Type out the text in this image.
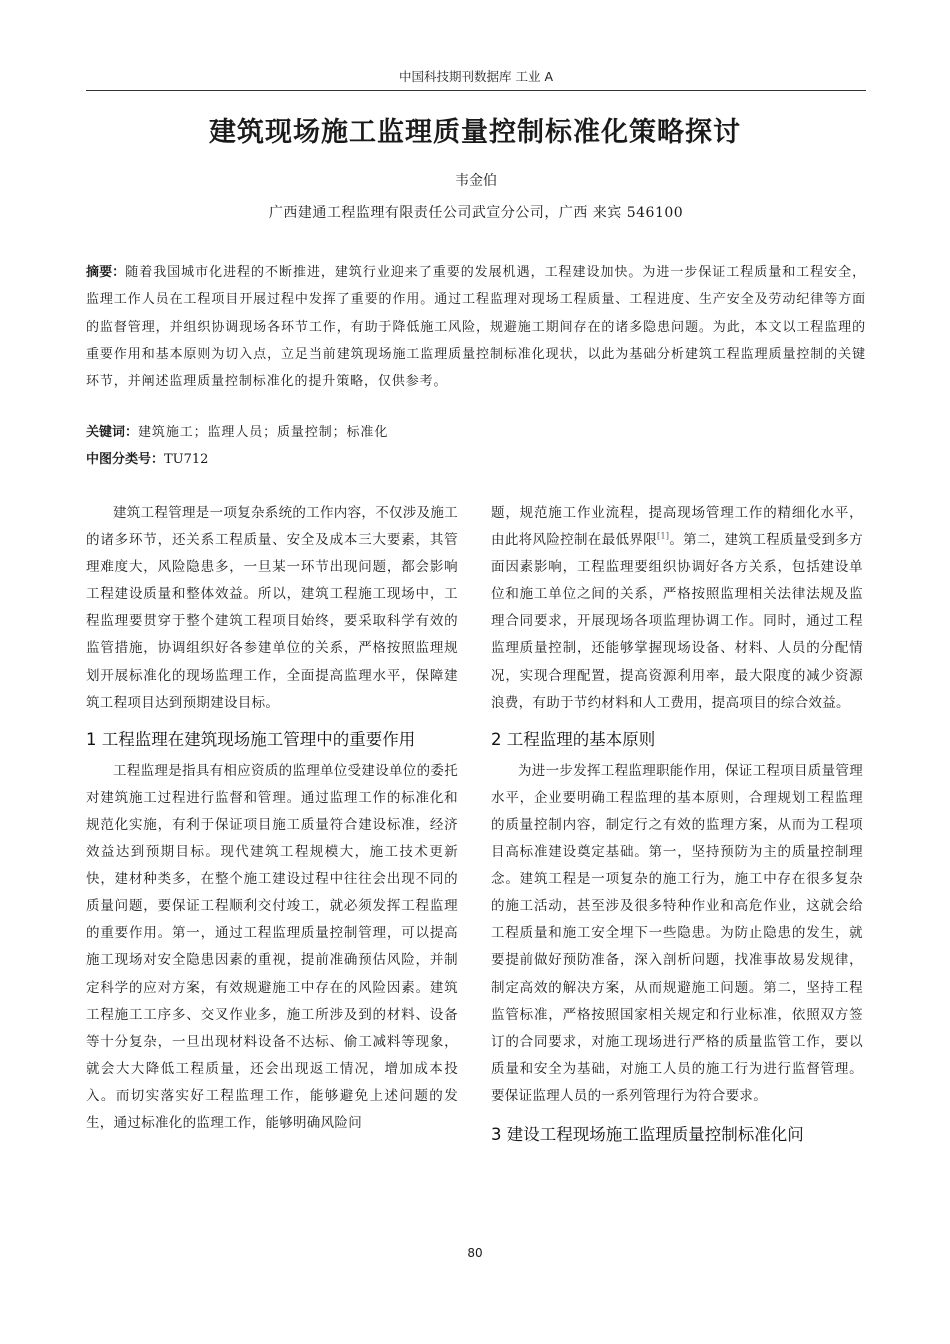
中国科技期刊数据库 工业 A
建筑现场施工监理质量控制标准化策略探讨
韦金伯
广西建通工程监理有限责任公司武宣分公司，广西 来宾 546100

摘要：随着我国城市化进程的不断推进，建筑行业迎来了重要的发展机遇，工程建设加快。为进一步保证工程质量和工程安全，监理工作人员在工程项目开展过程中发挥了重要的作用。通过工程监理对现场工程质量、工程进度、生产安全及劳动纪律等方面的监督管理，并组织协调现场各环节工作，有助于降低施工风险，规避施工期间存在的诸多隐患问题。为此，本文以工程监理的重要作用和基本原则为切入点，立足当前建筑现场施工监理质量控制标准化现状，以此为基础分析建筑工程监理质量控制的关键环节，并阐述监理质量控制标准化的提升策略，仅供参考。

关键词：建筑施工；监理人员；质量控制；标准化
中图分类号：TU712

建筑工程管理是一项复杂系统的工作内容，不仅涉及施工的诸多环节，还关系工程质量、安全及成本三大要素，其管理难度大，风险隐患多，一旦某一环节出现问题，都会影响工程建设质量和整体效益。所以，建筑工程施工现场中，工程监理要贯穿于整个建筑工程项目始终，要采取科学有效的监管措施，协调组织好各参建单位的关系，严格按照监理规划开展标准化的现场监理工作，全面提高监理水平，保障建筑工程项目达到预期建设目标。

1 工程监理在建筑现场施工管理中的重要作用

工程监理是指具有相应资质的监理单位受建设单位的委托对建筑施工过程进行监督和管理。通过监理工作的标准化和规范化实施，有利于保证项目施工质量符合建设标准，经济效益达到预期目标。现代建筑工程规模大，施工技术更新快，建材种类多，在整个施工建设过程中往往会出现不同的质量问题，要保证工程顺利交付竣工，就必须发挥工程监理的重要作用。第一，通过工程监理质量控制管理，可以提高施工现场对安全隐患因素的重视，提前准确预估风险，并制定科学的应对方案，有效规避施工中存在的风险因素。建筑工程施工工序多、交叉作业多，施工所涉及到的材料、设备等十分复杂，一旦出现材料设备不达标、偷工减料等现象，就会大大降低工程质量，还会出现返工情况，增加成本投入。而切实落实好工程监理工作，能够避免上述问题的发生，通过标准化的监理工作，能够明确风险问

题，规范施工作业流程，提高现场管理工作的精细化水平，由此将风险控制在最低界限[1]。第二，建筑工程质量受到多方面因素影响，工程监理要组织协调好各方关系，包括建设单位和施工单位之间的关系，严格按照监理相关法律法规及监理合同要求，开展现场各项监理协调工作。同时，通过工程监理质量控制，还能够掌握现场设备、材料、人员的分配情况，实现合理配置，提高资源利用率，最大限度的减少资源浪费，有助于节约材料和人工费用，提高项目的综合效益。

2 工程监理的基本原则

为进一步发挥工程监理职能作用，保证工程项目质量管理水平，企业要明确工程监理的基本原则，合理规划工程监理的质量控制内容，制定行之有效的监理方案，从而为工程项目高标准建设奠定基础。第一，坚持预防为主的质量控制理念。建筑工程是一项复杂的施工行为，施工中存在很多复杂的施工活动，甚至涉及很多特种作业和高危作业，这就会给工程质量和施工安全埋下一些隐患。为防止隐患的发生，就要提前做好预防准备，深入剖析问题，找准事故易发规律，制定高效的解决方案，从而规避施工问题。第二，坚持工程监管标准，严格按照国家相关规定和行业标准，依照双方签订的合同要求，对施工现场进行严格的质量监管工作，要以质量和安全为基础，对施工人员的施工行为进行监督管理。要保证监理人员的一系列管理行为符合要求。

3 建设工程现场施工监理质量控制标准化问
80
